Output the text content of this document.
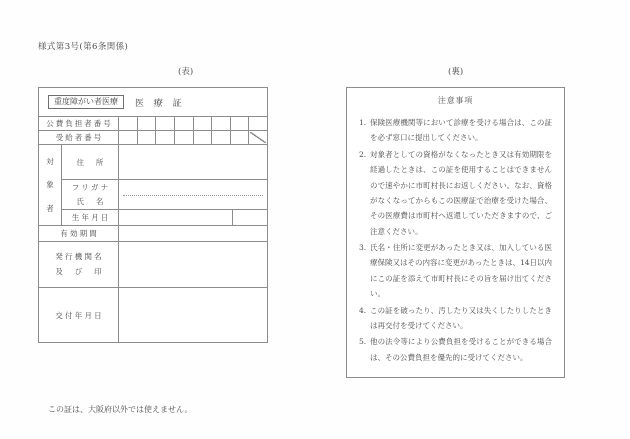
様式第3号(第6条関係)
(表)	(裏)
重度障がい者医療	医 療 証
公費負担者番号
受給者番号
対
象
者
住　所
フリガナ
氏　名
生年月日
有効期間
発行機関名
及　び　印
交付年月日
この証は、大阪府以外では使えません。
注意事項
1. 保険医療機関等において診療を受ける場合は、この証を必ず窓口に提出してください。
2. 対象者としての資格がなくなったとき又は有効期限を経過したときは、この証を使用することはできませんので速やかに市町村長にお返しください。なお、資格がなくなってからもこの医療証で治療を受けた場合、その医療費は市町村へ返還していただきますので、ご注意ください。
3. 氏名・住所に変更があったとき又は、加入している医療保険又はその内容に変更があったときは、14日以内にこの証を添えて市町村長にその旨を届け出てください。
4. この証を破ったり、汚したり又は失くしたりしたときは再交付を受けてください。
5. 他の法令等により公費負担を受けることができる場合は、その公費負担を優先的に受けてください。
